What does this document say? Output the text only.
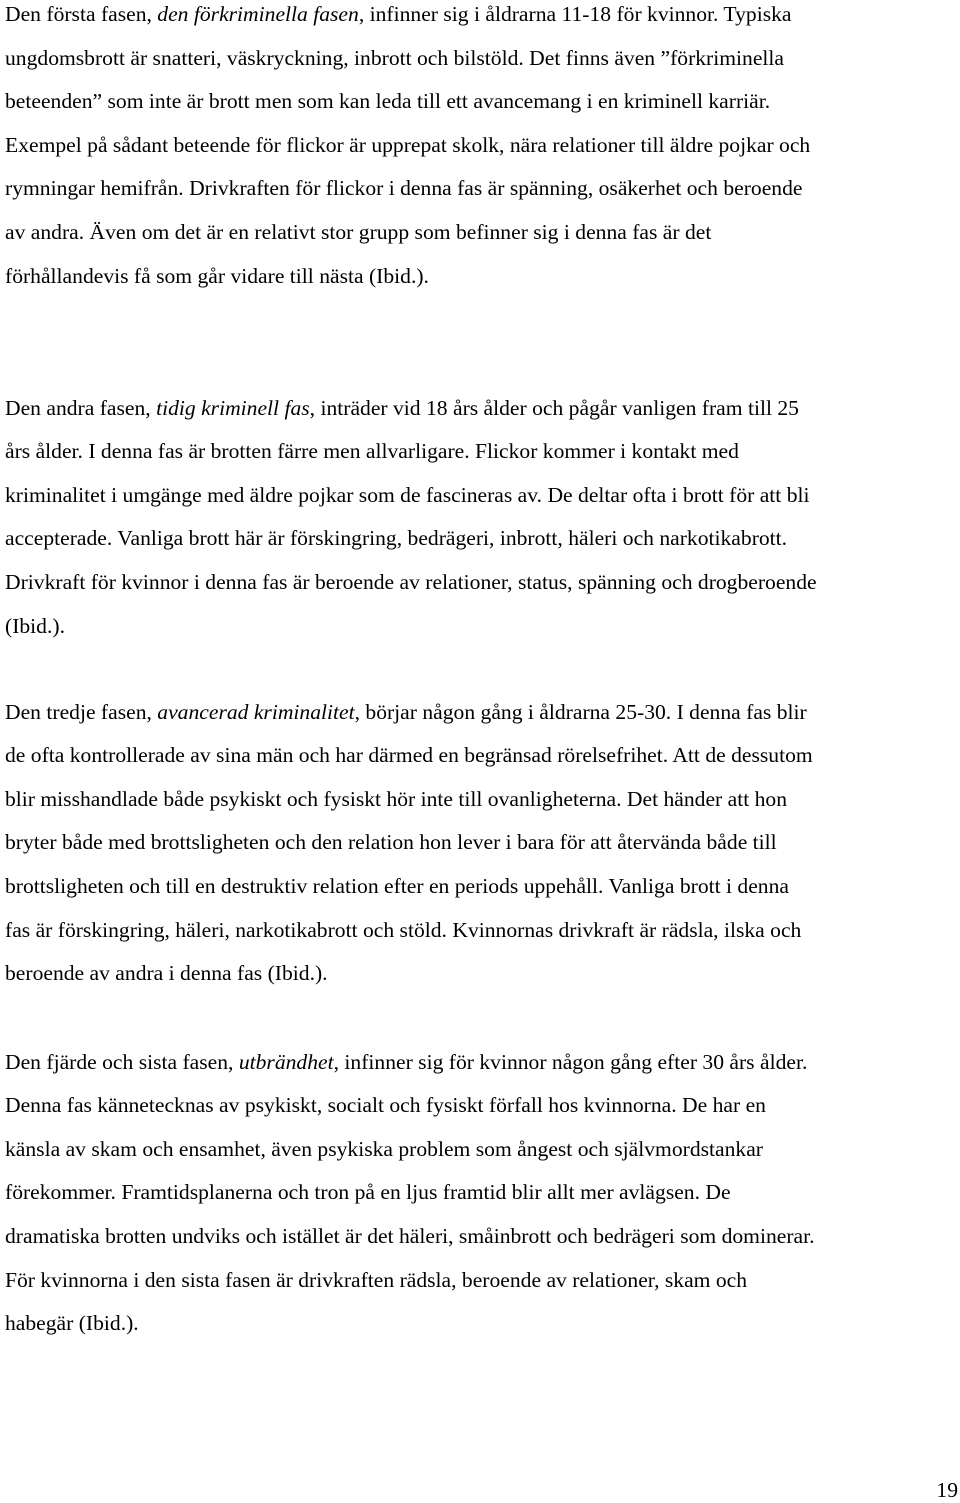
Den första fasen, den förkriminella fasen, infinner sig i åldrarna 11-18 för kvinnor. Typiska
ungdomsbrott är snatteri, väskryckning, inbrott och bilstöld. Det finns även ”förkriminella
beteenden” som inte är brott men som kan leda till ett avancemang i en kriminell karriär.
Exempel på sådant beteende för flickor är upprepat skolk, nära relationer till äldre pojkar och
rymningar hemifrån. Drivkraften för flickor i denna fas är spänning, osäkerhet och beroende
av andra. Även om det är en relativt stor grupp som befinner sig i denna fas är det
förhållandevis få som går vidare till nästa (Ibid.).

Den andra fasen, tidig kriminell fas, inträder vid 18 års ålder och pågår vanligen fram till 25
års ålder. I denna fas är brotten färre men allvarligare. Flickor kommer i kontakt med
kriminalitet i umgänge med äldre pojkar som de fascineras av. De deltar ofta i brott för att bli
accepterade. Vanliga brott här är förskingring, bedrägeri, inbrott, häleri och narkotikabrott.
Drivkraft för kvinnor i denna fas är beroende av relationer, status, spänning och drogberoende
(Ibid.).

Den tredje fasen, avancerad kriminalitet, börjar någon gång i åldrarna 25-30. I denna fas blir
de ofta kontrollerade av sina män och har därmed en begränsad rörelsefrihet. Att de dessutom
blir misshandlade både psykiskt och fysiskt hör inte till ovanligheterna. Det händer att hon
bryter både med brottsligheten och den relation hon lever i bara för att återvända både till
brottsligheten och till en destruktiv relation efter en periods uppehåll. Vanliga brott i denna
fas är förskingring, häleri, narkotikabrott och stöld. Kvinnornas drivkraft är rädsla, ilska och
beroende av andra i denna fas (Ibid.).

Den fjärde och sista fasen, utbrändhet, infinner sig för kvinnor någon gång efter 30 års ålder.
Denna fas kännetecknas av psykiskt, socialt och fysiskt förfall hos kvinnorna. De har en
känsla av skam och ensamhet, även psykiska problem som ångest och självmordstankar
förekommer. Framtidsplanerna och tron på en ljus framtid blir allt mer avlägsen. De
dramatiska brotten undviks och istället är det häleri, småinbrott och bedrägeri som dominerar.
För kvinnorna i den sista fasen är drivkraften rädsla, beroende av relationer, skam och
habegär (Ibid.).

19
